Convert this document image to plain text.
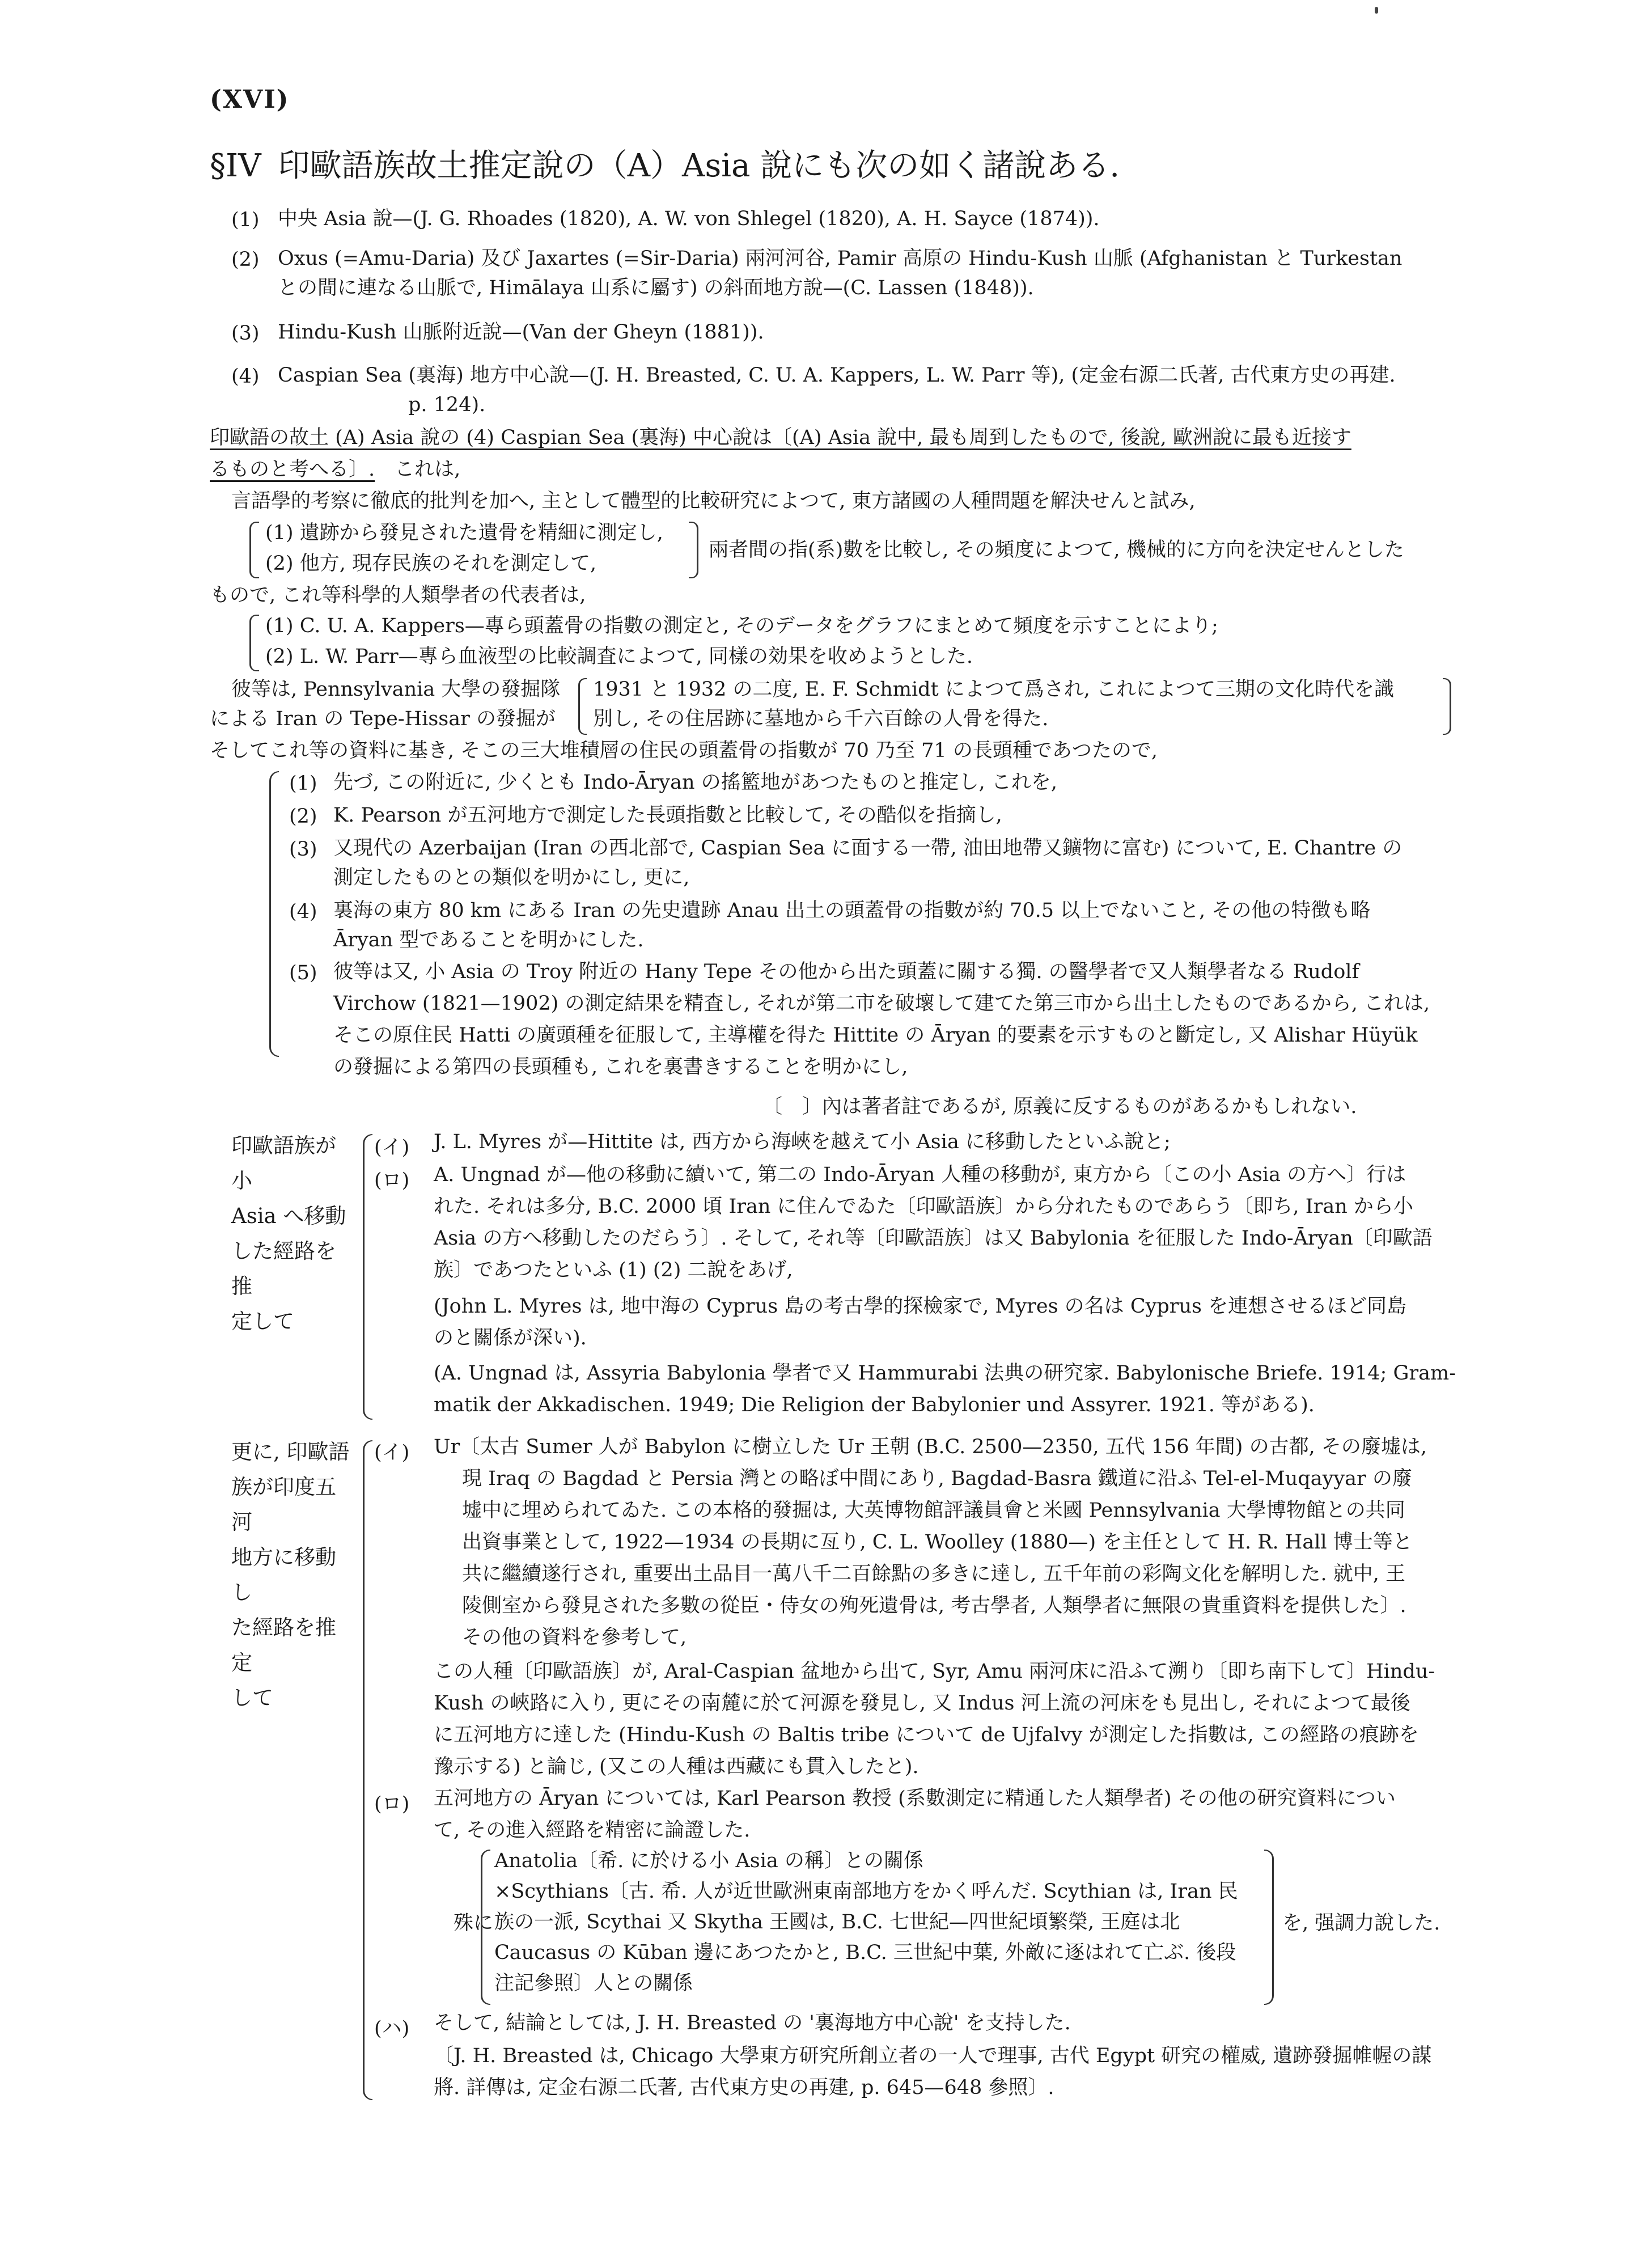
(XVI)
§IV 印歐語族故土推定說の（A）Asia 說にも次の如く諸說ある.
(1) 中央 Asia 說—(J. G. Rhoades (1820), A. W. von Shlegel (1820), A. H. Sayce (1874)).
(2) Oxus (=Amu-Daria) 及び Jaxartes (=Sir-Daria) 兩河河谷, Pamir 高原の Hindu-Kush 山脈 (Afghanistan と Turkestan
との間に連なる山脈で, Himālaya 山系に屬す) の斜面地方說—(C. Lassen (1848)).
(3) Hindu-Kush 山脈附近說—(Van der Gheyn (1881)).
(4) Caspian Sea (裏海) 地方中心說—(J. H. Breasted, C. U. A. Kappers, L. W. Parr 等), (定金右源二氏著, 古代東方史の再建.
p. 124).
印歐語の故土 (A) Asia 說の (4) Caspian Sea (裏海) 中心說は〔(A) Asia 說中, 最も周到したもので, 後說, 歐洲說に最も近接す
るものと考へる〕.　 これは,
言語學的考察に徹底的批判を加へ, 主として體型的比較研究によつて, 東方諸國の人種問題を解決せんと試み,
(1) 遺跡から發見された遺骨を精細に測定し,
(2) 他方, 現存民族のそれを測定して,
兩者間の指(系)數を比較し, その頻度によつて, 機械的に方向を決定せんとした
もので, これ等科學的人類學者の代表者は,
(1) C. U. A. Kappers—專ら頭蓋骨の指數の測定と, そのデータをグラフにまとめて頻度を示すことにより;
(2) L. W. Parr—專ら血液型の比較調査によつて, 同樣の効果を收めようとした.
彼等は, Pennsylvania 大學の發掘隊
による Iran の Tepe-Hissar の發掘が
1931 と 1932 の二度, E. F. Schmidt によつて爲され, これによつて三期の文化時代を識
別し, その住居跡に墓地から千六百餘の人骨を得た.
そしてこれ等の資料に基き, そこの三大堆積層の住民の頭蓋骨の指數が 70 乃至 71 の長頭種であつたので,
(1) 先づ, この附近に, 少くとも Indo-Āryan の搖籃地があつたものと推定し, これを,
(2) K. Pearson が五河地方で測定した長頭指數と比較して, その酷似を指摘し,
(3) 又現代の Azerbaijan (Iran の西北部で, Caspian Sea に面する一帶, 油田地帶又鑛物に富む) について, E. Chantre の
測定したものとの類似を明かにし, 更に,
(4) 裏海の東方 80 km にある Iran の先史遺跡 Anau 出土の頭蓋骨の指數が約 70.5 以上でないこと, その他の特徴も略
Āryan 型であることを明かにした.
(5) 彼等は又, 小 Asia の Troy 附近の Hany Tepe その他から出た頭蓋に關する獨. の醫學者で又人類學者なる Rudolf
Virchow (1821—1902) の測定結果を精査し, それが第二市を破壞して建てた第三市から出土したものであるから, これは,
そこの原住民 Hatti の廣頭種を征服して, 主導權を得た Hittite の Āryan 的要素を示すものと斷定し, 又 Alishar Hüyük
の發掘による第四の長頭種も, これを裏書きすることを明かにし,
〔　〕內は著者註であるが, 原義に反するものがあるかもしれない.
印歐語族が小
Asia へ移動
した經路を推
定して
(イ) J. L. Myres が—Hittite は, 西方から海峽を越えて小 Asia に移動したといふ說と;
(ロ) A. Ungnad が—他の移動に續いて, 第二の Indo-Āryan 人種の移動が, 東方から〔この小 Asia の方へ〕行は
れた. それは多分, B.C. 2000 頃 Iran に住んでゐた〔印歐語族〕から分れたものであらう〔即ち, Iran から小
Asia の方へ移動したのだらう〕. そして, それ等〔印歐語族〕は又 Babylonia を征服した Indo-Āryan〔印歐語
族〕であつたといふ (1) (2) 二說をあげ,
(John L. Myres は, 地中海の Cyprus 島の考古學的探檢家で, Myres の名は Cyprus を連想させるほど同島
のと關係が深い).
(A. Ungnad は, Assyria Babylonia 學者で又 Hammurabi 法典の研究家. Babylonische Briefe. 1914; Gram-
matik der Akkadischen. 1949; Die Religion der Babylonier und Assyrer. 1921. 等がある).
更に, 印歐語
族が印度五河
地方に移動し
た經路を推定
して
(イ) Ur〔太古 Sumer 人が Babylon に樹立した Ur 王朝 (B.C. 2500—2350, 五代 156 年間) の古都, その廢墟は,
現 Iraq の Bagdad と Persia 灣との略ぼ中間にあり, Bagdad-Basra 鐵道に沿ふ Tel-el-Muqayyar の廢
墟中に埋められてゐた. この本格的發掘は, 大英博物館評議員會と米國 Pennsylvania 大學博物館との共同
出資事業として, 1922—1934 の長期に亙り, C. L. Woolley (1880—) を主任として H. R. Hall 博士等と
共に繼續遂行され, 重要出土品目一萬八千二百餘點の多きに達し, 五千年前の彩陶文化を解明した. 就中, 王
陵側室から發見された多數の從臣・侍女の殉死遺骨は, 考古學者, 人類學者に無限の貴重資料を提供した〕.
その他の資料を參考して,
この人種〔印歐語族〕が, Aral-Caspian 盆地から出て, Syr, Amu 兩河床に沿ふて溯り〔即ち南下して〕Hindu-
Kush の峽路に入り, 更にその南麓に於て河源を發見し, 又 Indus 河上流の河床をも見出し, それによつて最後
に五河地方に達した (Hindu-Kush の Baltis tribe について de Ujfalvy が測定した指數は, この經路の痕跡を
豫示する) と論じ, (又この人種は西藏にも貫入したと).
(ロ) 五河地方の Āryan については, Karl Pearson 教授 (系數測定に精通した人類學者) その他の研究資料につい
て, その進入經路を精密に論證した.
殊に
Anatolia〔希. に於ける小 Asia の稱〕との關係
×Scythians〔古. 希. 人が近世歐洲東南部地方をかく呼んだ. Scythian は, Iran 民
族の一派, Scythai 又 Skytha 王國は, B.C. 七世紀—四世紀頃繁榮, 王庭は北
Caucasus の Kūban 邊にあつたかと, B.C. 三世紀中葉, 外敵に逐はれて亡ぶ. 後段
注記參照〕人との關係
を, 强調力說した.
(ハ) そして, 結論としては, J. H. Breasted の '裏海地方中心說' を支持した.
〔J. H. Breasted は, Chicago 大學東方研究所創立者の一人で理事, 古代 Egypt 研究の權威, 遺跡發掘帷幄の謀
將. 詳傳は, 定金右源二氏著, 古代東方史の再建, p. 645—648 參照〕.
